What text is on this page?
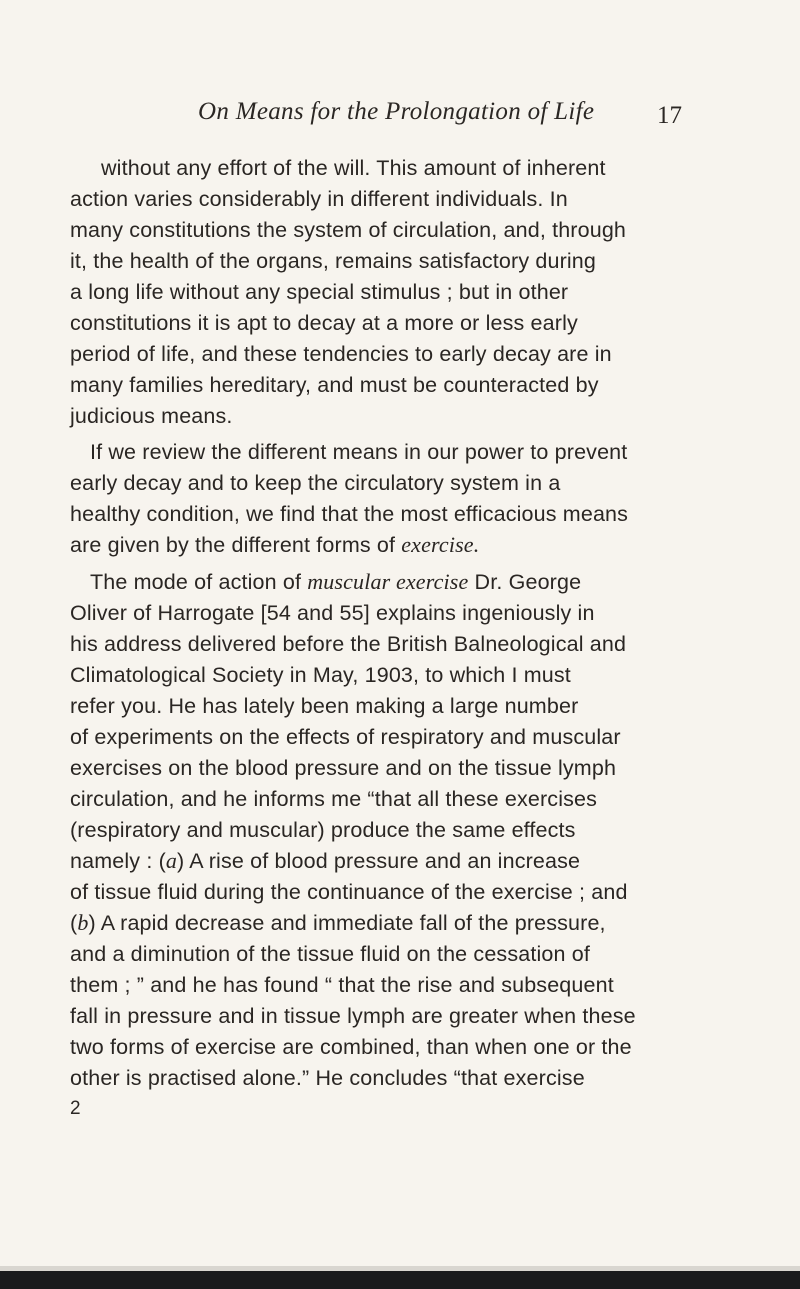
On Means for the Prolongation of Life	17
without any effort of the will. This amount of inherent
action varies considerably in different individuals. In
many constitutions the system of circulation, and, through
it, the health of the organs, remains satisfactory during
a long life without any special stimulus ; but in other
constitutions it is apt to decay at a more or less early
period of life, and these tendencies to early decay are in
many families hereditary, and must be counteracted by
judicious means.
If we review the different means in our power to prevent
early decay and to keep the circulatory system in a
healthy condition, we find that the most efficacious means
are given by the different forms of exercise.
The mode of action of muscular exercise Dr. George
Oliver of Harrogate [54 and 55] explains ingeniously in
his address delivered before the British Balneological and
Climatological Society in May, 1903, to which I must
refer you. He has lately been making a large number
of experiments on the effects of respiratory and muscular
exercises on the blood pressure and on the tissue lymph
circulation, and he informs me “that all these exercises
(respiratory and muscular) produce the same effects
namely : (a) A rise of blood pressure and an increase
of tissue fluid during the continuance of the exercise ; and
(b) A rapid decrease and immediate fall of the pressure,
and a diminution of the tissue fluid on the cessation of
them ; ” and he has found “ that the rise and subsequent
fall in pressure and in tissue lymph are greater when these
two forms of exercise are combined, than when one or the
other is practised alone.” He concludes “that exercise
2
